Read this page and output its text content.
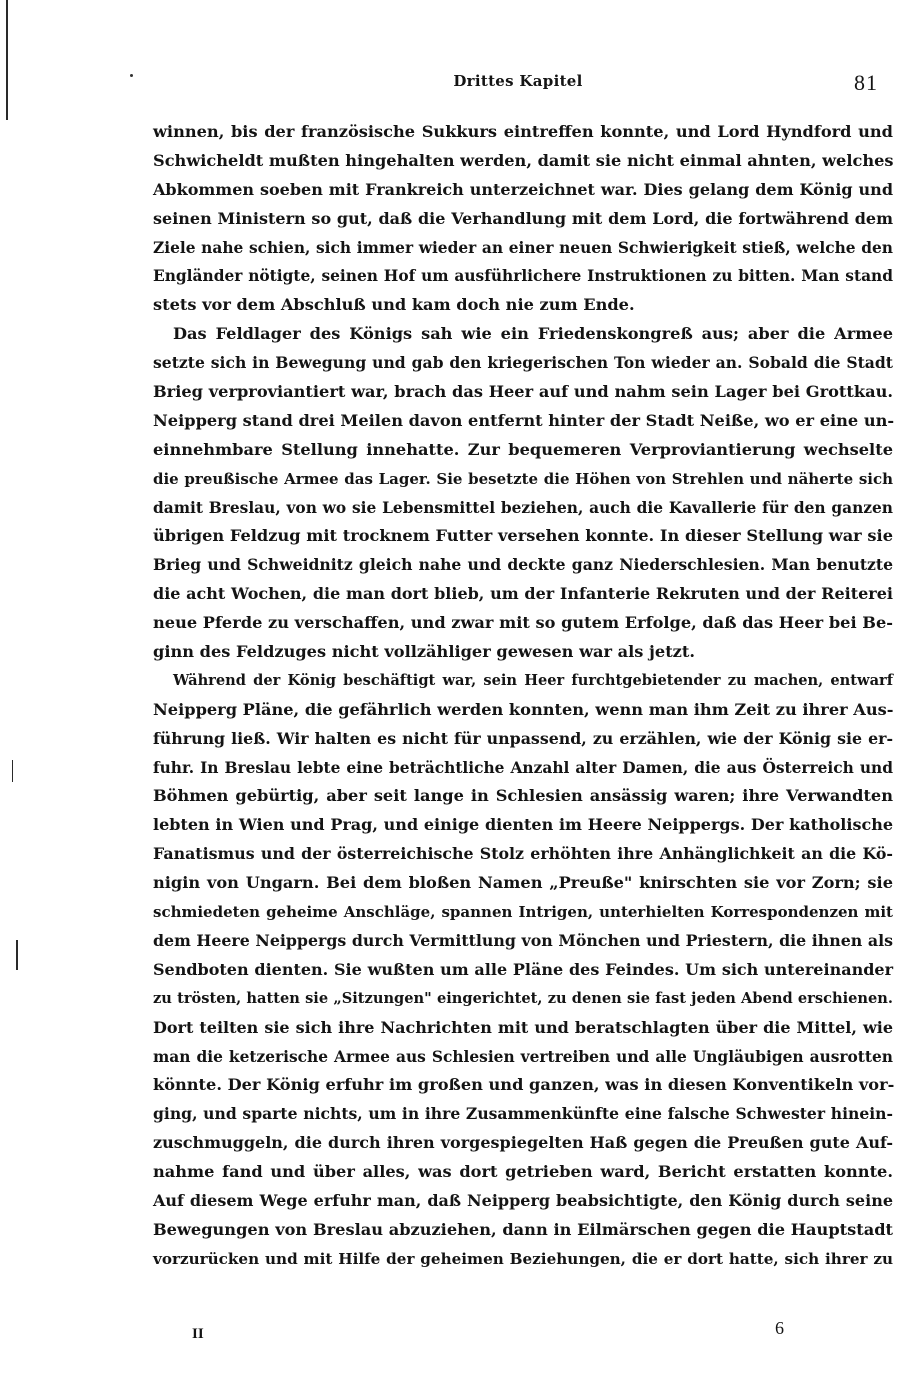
Drittes Kapitel	81
winnen, bis der französische Sukkurs eintreffen konnte, und Lord Hyndford und
Schwicheldt mußten hingehalten werden, damit sie nicht einmal ahnten, welches
Abkommen soeben mit Frankreich unterzeichnet war. Dies gelang dem König und
seinen Ministern so gut, daß die Verhandlung mit dem Lord, die fortwährend dem
Ziele nahe schien, sich immer wieder an einer neuen Schwierigkeit stieß, welche den
Engländer nötigte, seinen Hof um ausführlichere Instruktionen zu bitten. Man stand
stets vor dem Abschluß und kam doch nie zum Ende.
Das Feldlager des Königs sah wie ein Friedenskongreß aus; aber die Armee
setzte sich in Bewegung und gab den kriegerischen Ton wieder an. Sobald die Stadt
Brieg verproviantiert war, brach das Heer auf und nahm sein Lager bei Grottkau.
Neipperg stand drei Meilen davon entfernt hinter der Stadt Neiße, wo er eine un-
einnehmbare Stellung innehatte. Zur bequemeren Verproviantierung wechselte
die preußische Armee das Lager. Sie besetzte die Höhen von Strehlen und näherte sich
damit Breslau, von wo sie Lebensmittel beziehen, auch die Kavallerie für den ganzen
übrigen Feldzug mit trocknem Futter versehen konnte. In dieser Stellung war sie
Brieg und Schweidnitz gleich nahe und deckte ganz Niederschlesien. Man benutzte
die acht Wochen, die man dort blieb, um der Infanterie Rekruten und der Reiterei
neue Pferde zu verschaffen, und zwar mit so gutem Erfolge, daß das Heer bei Be-
ginn des Feldzuges nicht vollzähliger gewesen war als jetzt.
Während der König beschäftigt war, sein Heer furchtgebietender zu machen, entwarf
Neipperg Pläne, die gefährlich werden konnten, wenn man ihm Zeit zu ihrer Aus-
führung ließ. Wir halten es nicht für unpassend, zu erzählen, wie der König sie er-
fuhr. In Breslau lebte eine beträchtliche Anzahl alter Damen, die aus Österreich und
Böhmen gebürtig, aber seit lange in Schlesien ansässig waren; ihre Verwandten
lebten in Wien und Prag, und einige dienten im Heere Neippergs. Der katholische
Fanatismus und der österreichische Stolz erhöhten ihre Anhänglichkeit an die Kö-
nigin von Ungarn. Bei dem bloßen Namen „Preuße" knirschten sie vor Zorn; sie
schmiedeten geheime Anschläge, spannen Intrigen, unterhielten Korrespondenzen mit
dem Heere Neippergs durch Vermittlung von Mönchen und Priestern, die ihnen als
Sendboten dienten. Sie wußten um alle Pläne des Feindes. Um sich untereinander
zu trösten, hatten sie „Sitzungen" eingerichtet, zu denen sie fast jeden Abend erschienen.
Dort teilten sie sich ihre Nachrichten mit und beratschlagten über die Mittel, wie
man die ketzerische Armee aus Schlesien vertreiben und alle Ungläubigen ausrotten
könnte. Der König erfuhr im großen und ganzen, was in diesen Konventikeln vor-
ging, und sparte nichts, um in ihre Zusammenkünfte eine falsche Schwester hinein-
zuschmuggeln, die durch ihren vorgespiegelten Haß gegen die Preußen gute Auf-
nahme fand und über alles, was dort getrieben ward, Bericht erstatten konnte.
Auf diesem Wege erfuhr man, daß Neipperg beabsichtigte, den König durch seine
Bewegungen von Breslau abzuziehen, dann in Eilmärschen gegen die Hauptstadt
vorzurücken und mit Hilfe der geheimen Beziehungen, die er dort hatte, sich ihrer zu
II	6
